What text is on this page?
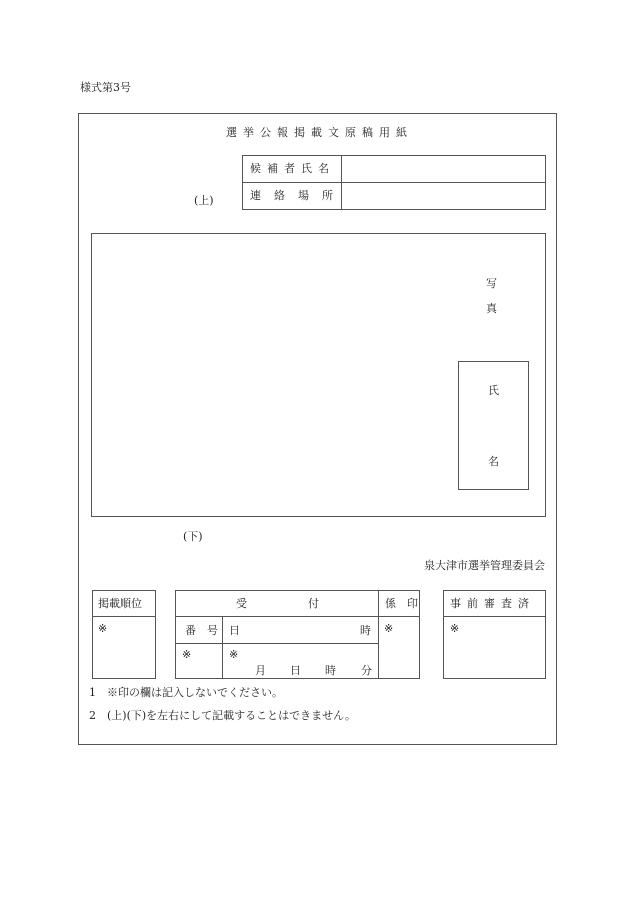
様式第3号
選挙公報掲載文原稿用紙
候補者氏名
連絡場所
(上)
写
真
氏
名
(下)
泉大津市選挙管理委員会
掲載順位
※
受	付
番　号 日	時
※	※
月 日 時 分
係　印
※
事前審査済
※
1　※印の欄は記入しないでください。
2　(上)(下)を左右にして記載することはできません。
